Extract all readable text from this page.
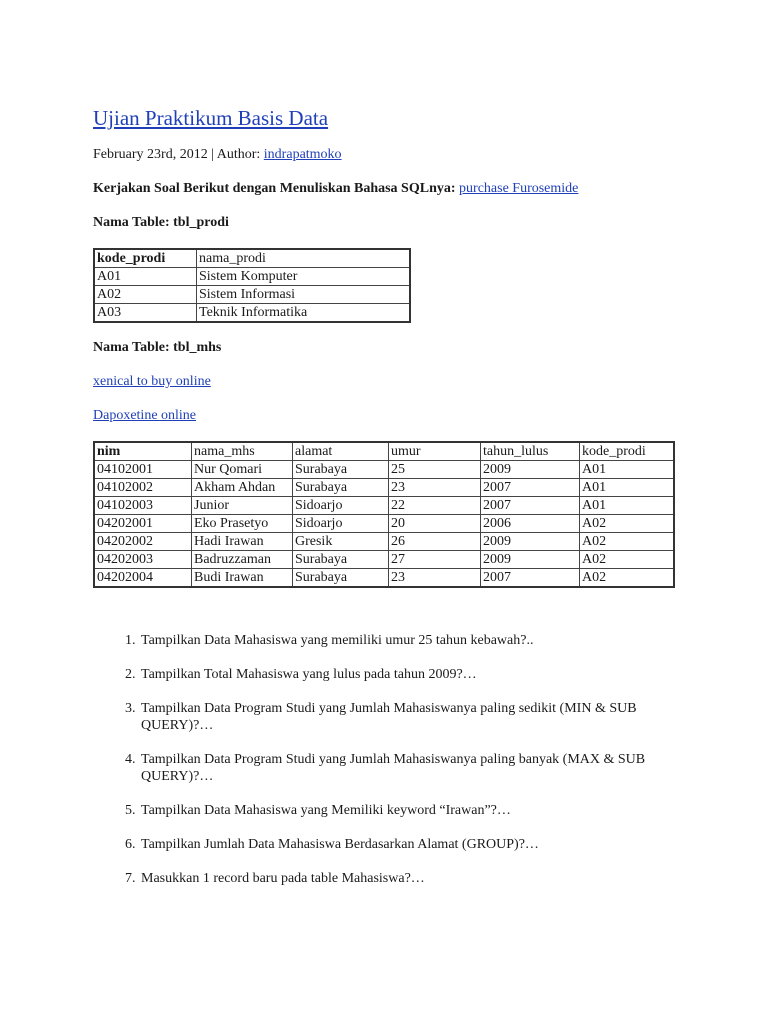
Ujian Praktikum Basis Data

February 23rd, 2012 | Author: indrapatmoko

Kerjakan Soal Berikut dengan Menuliskan Bahasa SQLnya: purchase Furosemide

Nama Table: tbl_prodi

kode_prodi	nama_prodi
A01	Sistem Komputer
A02	Sistem Informasi
A03	Teknik Informatika

Nama Table: tbl_mhs

xenical to buy online

Dapoxetine online

nim	nama_mhs	alamat	umur	tahun_lulus	kode_prodi
04102001	Nur Qomari	Surabaya	25	2009	A01
04102002	Akham Ahdan	Surabaya	23	2007	A01
04102003	Junior	Sidoarjo	22	2007	A01
04202001	Eko Prasetyo	Sidoarjo	20	2006	A02
04202002	Hadi Irawan	Gresik	26	2009	A02
04202003	Badruzzaman	Surabaya	27	2009	A02
04202004	Budi Irawan	Surabaya	23	2007	A02
1. Tampilkan Data Mahasiswa yang memiliki umur 25 tahun kebawah?..
2. Tampilkan Total Mahasiswa yang lulus pada tahun 2009?…
3. Tampilkan Data Program Studi yang Jumlah Mahasiswanya paling sedikit (MIN & SUB QUERY)?…
4. Tampilkan Data Program Studi yang Jumlah Mahasiswanya paling banyak (MAX & SUB QUERY)?…
5. Tampilkan Data Mahasiswa yang Memiliki keyword “Irawan”?…
6. Tampilkan Jumlah Data Mahasiswa Berdasarkan Alamat (GROUP)?…
7. Masukkan 1 record baru pada table Mahasiswa?…
